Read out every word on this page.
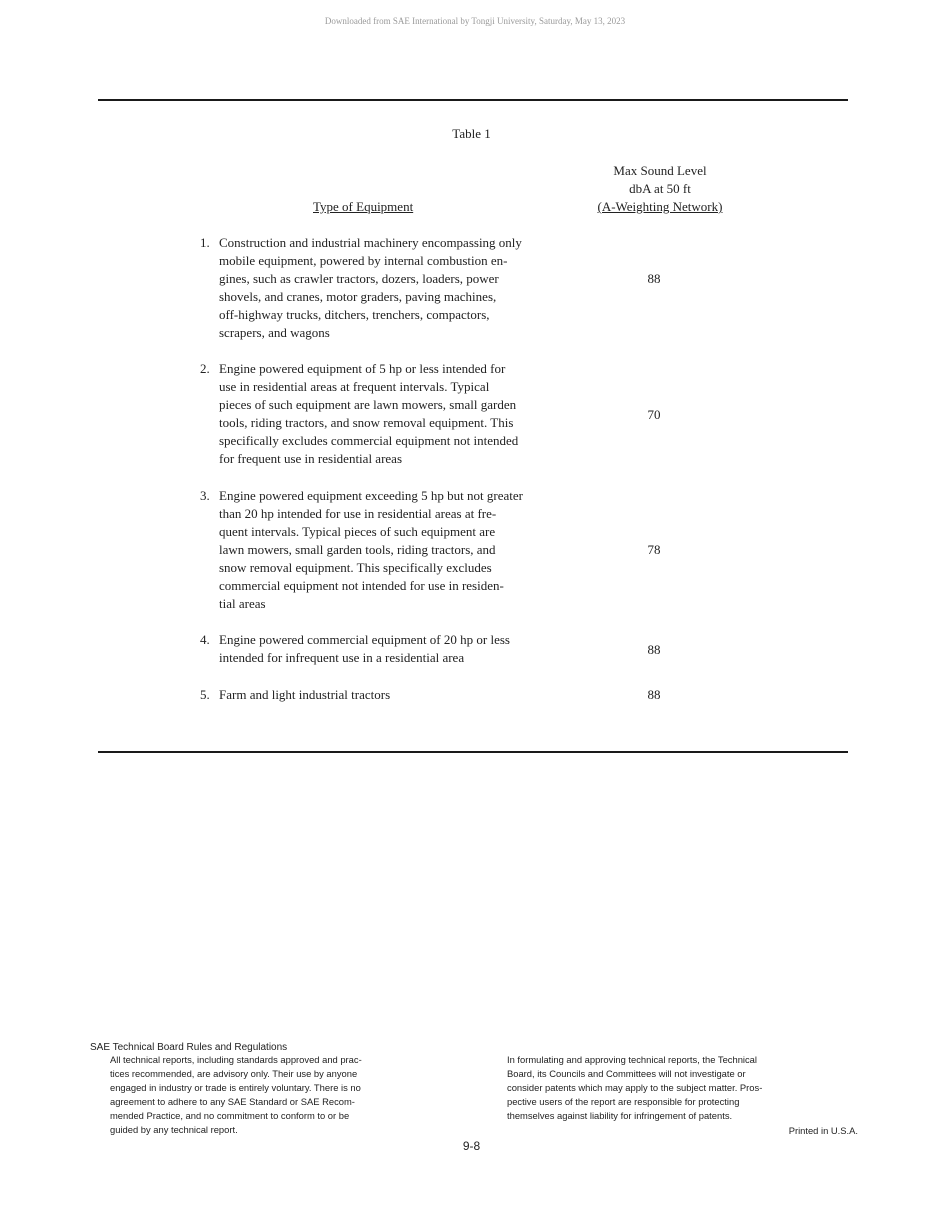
Downloaded from SAE International by Tongji University, Saturday, May 13, 2023
Table 1
Max Sound Level
dbA at 50 ft
(A-Weighting Network)
Type of Equipment
1. Construction and industrial machinery encompassing only
mobile equipment, powered by internal combustion en-
gines, such as crawler tractors, dozers, loaders, power
shovels, and cranes, motor graders, paving machines,
off-highway trucks, ditchers, trenchers, compactors,
scrapers, and wagons
88
2. Engine powered equipment of 5 hp or less intended for
use in residential areas at frequent intervals. Typical
pieces of such equipment are lawn mowers, small garden
tools, riding tractors, and snow removal equipment. This
specifically excludes commercial equipment not intended
for frequent use in residential areas
70
3. Engine powered equipment exceeding 5 hp but not greater
than 20 hp intended for use in residential areas at fre-
quent intervals. Typical pieces of such equipment are
lawn mowers, small garden tools, riding tractors, and
snow removal equipment. This specifically excludes
commercial equipment not intended for use in residen-
tial areas
78
4. Engine powered commercial equipment of 20 hp or less
intended for infrequent use in a residential area
88
5. Farm and light industrial tractors	88
SAE Technical Board Rules and Regulations
All technical reports, including standards approved and prac-
tices recommended, are advisory only. Their use by anyone
engaged in industry or trade is entirely voluntary. There is no
agreement to adhere to any SAE Standard or SAE Recom-
mended Practice, and no commitment to conform to or be
guided by any technical report.
In formulating and approving technical reports, the Technical
Board, its Councils and Committees will not investigate or
consider patents which may apply to the subject matter. Pros-
pective users of the report are responsible for protecting
themselves against liability for infringement of patents.
Printed in U.S.A.
9-8
